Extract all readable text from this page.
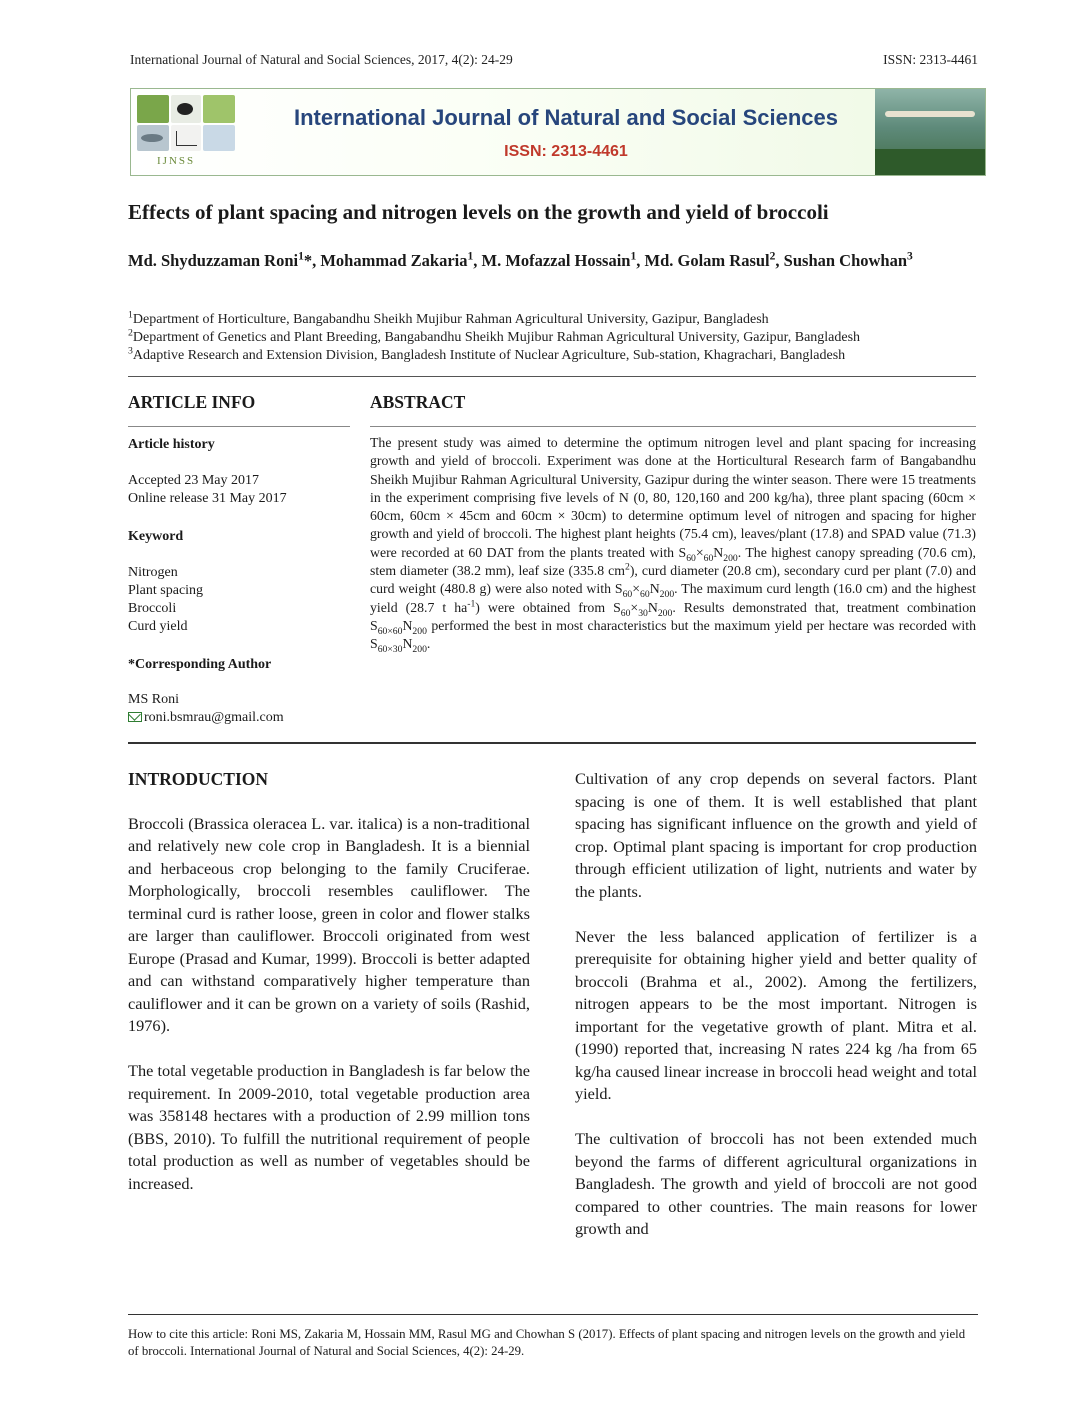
International Journal of Natural and Social Sciences, 2017, 4(2): 24-29	ISSN: 2313-4461
IJNSS
International Journal of Natural and Social Sciences
ISSN: 2313-4461
Effects of plant spacing and nitrogen levels on the growth and yield of broccoli
Md. Shyduzzaman Roni$^1$*, Mohammad Zakaria$^1$, M. Mofazzal Hossain$^1$, Md. Golam Rasul$^2$, Sushan Chowhan$^3$
$^1$Department of Horticulture, Bangabandhu Sheikh Mujibur Rahman Agricultural University, Gazipur, Bangladesh
$^2$Department of Genetics and Plant Breeding, Bangabandhu Sheikh Mujibur Rahman Agricultural University, Gazipur, Bangladesh
$^3$Adaptive Research and Extension Division, Bangladesh Institute of Nuclear Agriculture, Sub-station, Khagrachari, Bangladesh
ARTICLE INFO
Article history
Accepted 23 May 2017
Online release 31 May 2017
Keyword
Nitrogen
Plant spacing
Broccoli
Curd yield
*Corresponding Author
MS Roni
roni.bsmrau@gmail.com
ABSTRACT
The present study was aimed to determine the optimum nitrogen level and plant spacing for increasing growth and yield of broccoli. Experiment was done at the Horticultural Research farm of Bangabandhu Sheikh Mujibur Rahman Agricultural University, Gazipur during the winter season. There were 15 treatments in the experiment comprising five levels of N (0, 80, 120,160 and 200 kg/ha), three plant spacing (60cm × 60cm, 60cm × 45cm and 60cm × 30cm) to determine optimum level of nitrogen and spacing for higher growth and yield of broccoli. The highest plant heights (75.4 cm), leaves/plant (17.8) and SPAD value (71.3) were recorded at 60 DAT from the plants treated with $S_{60}\times_{60}N_{200}$. The highest canopy spreading (70.6 cm), stem diameter (38.2 mm), leaf size (335.8 $cm^2$), curd diameter (20.8 cm), secondary curd per plant (7.0) and curd weight (480.8 g) were also noted with $S_{60}\times_{60}N_{200}$. The maximum curd length (16.0 cm) and the highest yield (28.7 t $ha^{-1}$) were obtained from $S_{60}\times_{30}N_{200}$. Results demonstrated that, treatment combination $S_{60\times 60}N_{200}$ performed the best in most characteristics but the maximum yield per hectare was recorded with $S_{60\times 30}N_{200}$.

INTRODUCTION

Broccoli (Brassica oleracea L. var. italica) is a non-traditional and relatively new cole crop in Bangladesh. It is a biennial and herbaceous crop belonging to the family Cruciferae. Morphologically, broccoli resembles cauliflower. The terminal curd is rather loose, green in color and flower stalks are larger than cauliflower. Broccoli originated from west Europe (Prasad and Kumar, 1999). Broccoli is better adapted and can withstand comparatively higher temperature than cauliflower and it can be grown on a variety of soils (Rashid, 1976).

The total vegetable production in Bangladesh is far below the requirement. In 2009-2010, total vegetable production area was 358148 hectares with a production of 2.99 million tons (BBS, 2010). To fulfill the nutritional requirement of people total production as well as number of vegetables should be increased.

Cultivation of any crop depends on several factors. Plant spacing is one of them. It is well established that plant spacing has significant influence on the growth and yield of crop. Optimal plant spacing is important for crop production through efficient utilization of light, nutrients and water by the plants.

Never the less balanced application of fertilizer is a prerequisite for obtaining higher yield and better quality of broccoli (Brahma et al., 2002). Among the fertilizers, nitrogen appears to be the most important. Nitrogen is important for the vegetative growth of plant. Mitra et al. (1990) reported that, increasing N rates 224 kg /ha from 65 kg/ha caused linear increase in broccoli head weight and total yield.

The cultivation of broccoli has not been extended much beyond the farms of different agricultural organizations in Bangladesh. The growth and yield of broccoli are not good compared to other countries. The main reasons for lower growth and

How to cite this article: Roni MS, Zakaria M, Hossain MM, Rasul MG and Chowhan S (2017). Effects of plant spacing and nitrogen levels on the growth and yield of broccoli. International Journal of Natural and Social Sciences, 4(2): 24-29.
